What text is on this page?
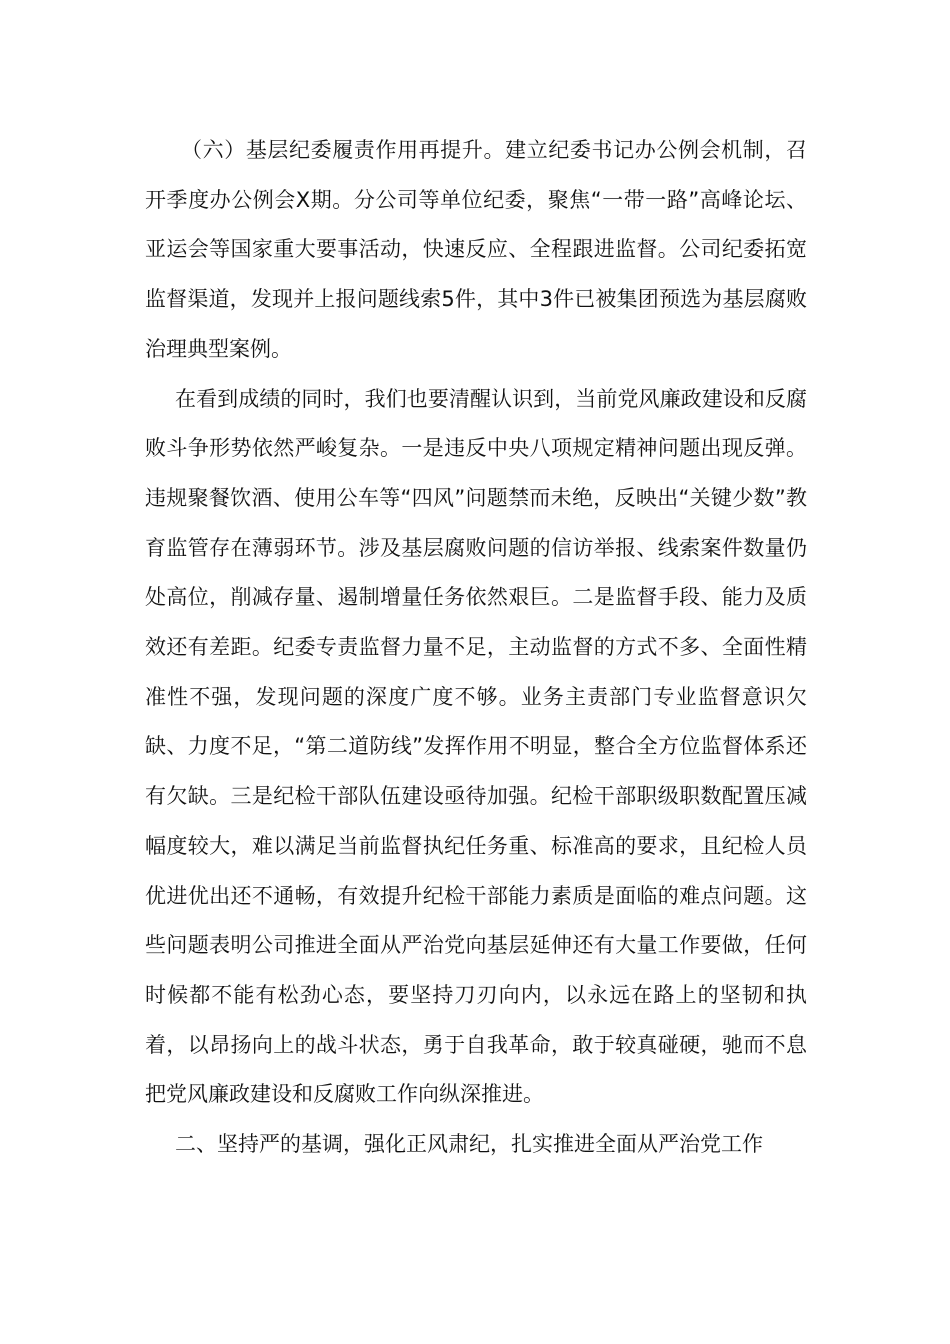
（六）基层纪委履责作用再提升。建立纪委书记办公例会机制，召开季度办公例会X期。分公司等单位纪委，聚焦“一带一路”高峰论坛、亚运会等国家重大要事活动，快速反应、全程跟进监督。公司纪委拓宽监督渠道，发现并上报问题线索5件，其中3件已被集团预选为基层腐败治理典型案例。

在看到成绩的同时，我们也要清醒认识到，当前党风廉政建设和反腐败斗争形势依然严峻复杂。一是违反中央八项规定精神问题出现反弹。违规聚餐饮酒、使用公车等“四风”问题禁而未绝，反映出“关键少数”教育监管存在薄弱环节。涉及基层腐败问题的信访举报、线索案件数量仍处高位，削减存量、遏制增量任务依然艰巨。二是监督手段、能力及质效还有差距。纪委专责监督力量不足，主动监督的方式不多、全面性精准性不强，发现问题的深度广度不够。业务主责部门专业监督意识欠缺、力度不足，“第二道防线”发挥作用不明显，整合全方位监督体系还有欠缺。三是纪检干部队伍建设亟待加强。纪检干部职级职数配置压减幅度较大，难以满足当前监督执纪任务重、标准高的要求，且纪检人员优进优出还不通畅，有效提升纪检干部能力素质是面临的难点问题。这些问题表明公司推进全面从严治党向基层延伸还有大量工作要做，任何时候都不能有松劲心态，要坚持刀刃向内，以永远在路上的坚韧和执着，以昂扬向上的战斗状态，勇于自我革命，敢于较真碰硬，驰而不息把党风廉政建设和反腐败工作向纵深推进。

二、坚持严的基调，强化正风肃纪，扎实推进全面从严治党工作
